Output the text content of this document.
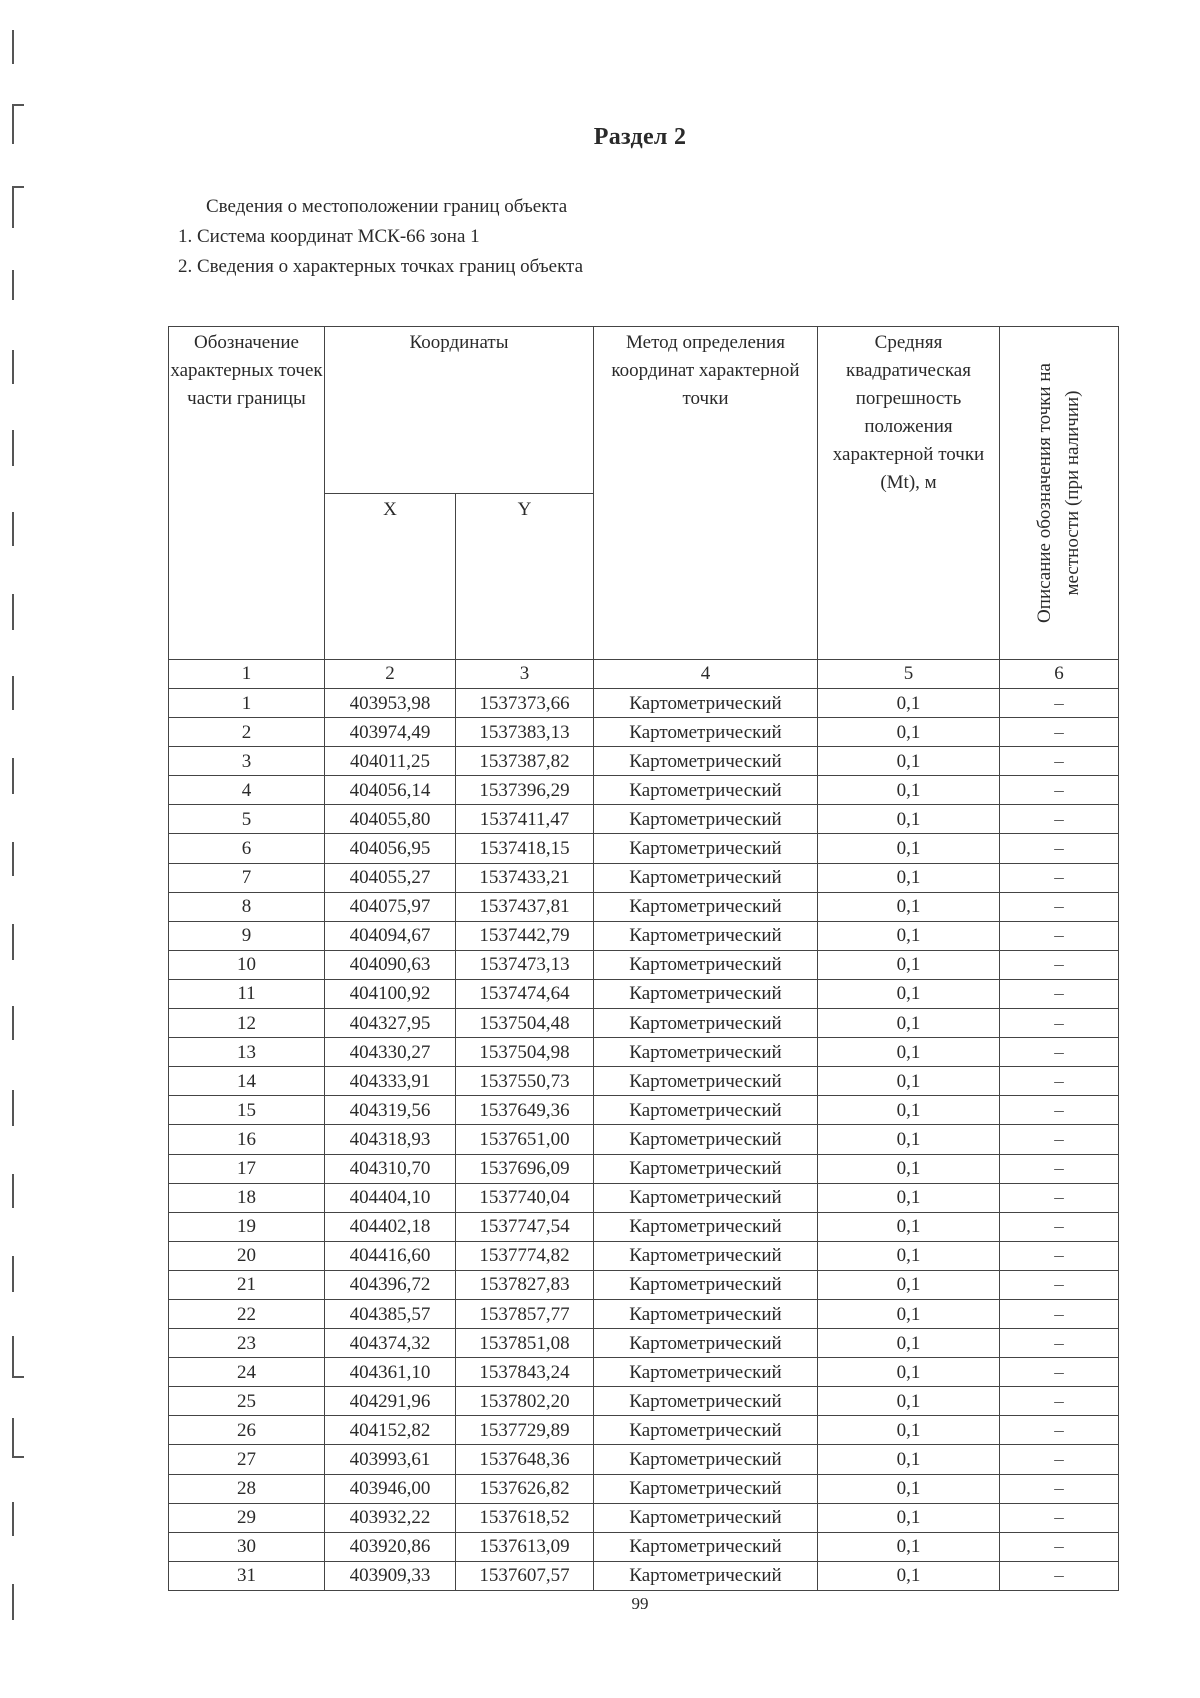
Раздел 2
Сведения о местоположении границ объекта
1. Система координат МСК-66 зона 1
2. Сведения о характерных точках границ объекта
Обозначение характерных точек части границы	Координаты		Метод определения координат характерной точки	Средняя квадратическая погрешность положения характерной точки (Mt), м	Описание обозначения точки на местности (при наличии)

	X	Y			
1	2	3	4	5	6
1	403953,98	1537373,66	Картометрический	0,1	–
2	403974,49	1537383,13	Картометрический	0,1	–
3	404011,25	1537387,82	Картометрический	0,1	–
4	404056,14	1537396,29	Картометрический	0,1	–
5	404055,80	1537411,47	Картометрический	0,1	–
6	404056,95	1537418,15	Картометрический	0,1	–
7	404055,27	1537433,21	Картометрический	0,1	–
8	404075,97	1537437,81	Картометрический	0,1	–
9	404094,67	1537442,79	Картометрический	0,1	–
10	404090,63	1537473,13	Картометрический	0,1	–
11	404100,92	1537474,64	Картометрический	0,1	–
12	404327,95	1537504,48	Картометрический	0,1	–
13	404330,27	1537504,98	Картометрический	0,1	–
14	404333,91	1537550,73	Картометрический	0,1	–
15	404319,56	1537649,36	Картометрический	0,1	–
16	404318,93	1537651,00	Картометрический	0,1	–
17	404310,70	1537696,09	Картометрический	0,1	–
18	404404,10	1537740,04	Картометрический	0,1	–
19	404402,18	1537747,54	Картометрический	0,1	–
20	404416,60	1537774,82	Картометрический	0,1	–
21	404396,72	1537827,83	Картометрический	0,1	–
22	404385,57	1537857,77	Картометрический	0,1	–
23	404374,32	1537851,08	Картометрический	0,1	–
24	404361,10	1537843,24	Картометрический	0,1	–
25	404291,96	1537802,20	Картометрический	0,1	–
26	404152,82	1537729,89	Картометрический	0,1	–
27	403993,61	1537648,36	Картометрический	0,1	–
28	403946,00	1537626,82	Картометрический	0,1	–
29	403932,22	1537618,52	Картометрический	0,1	–
30	403920,86	1537613,09	Картометрический	0,1	–
31	403909,33	1537607,57	Картометрический	0,1	–
99
